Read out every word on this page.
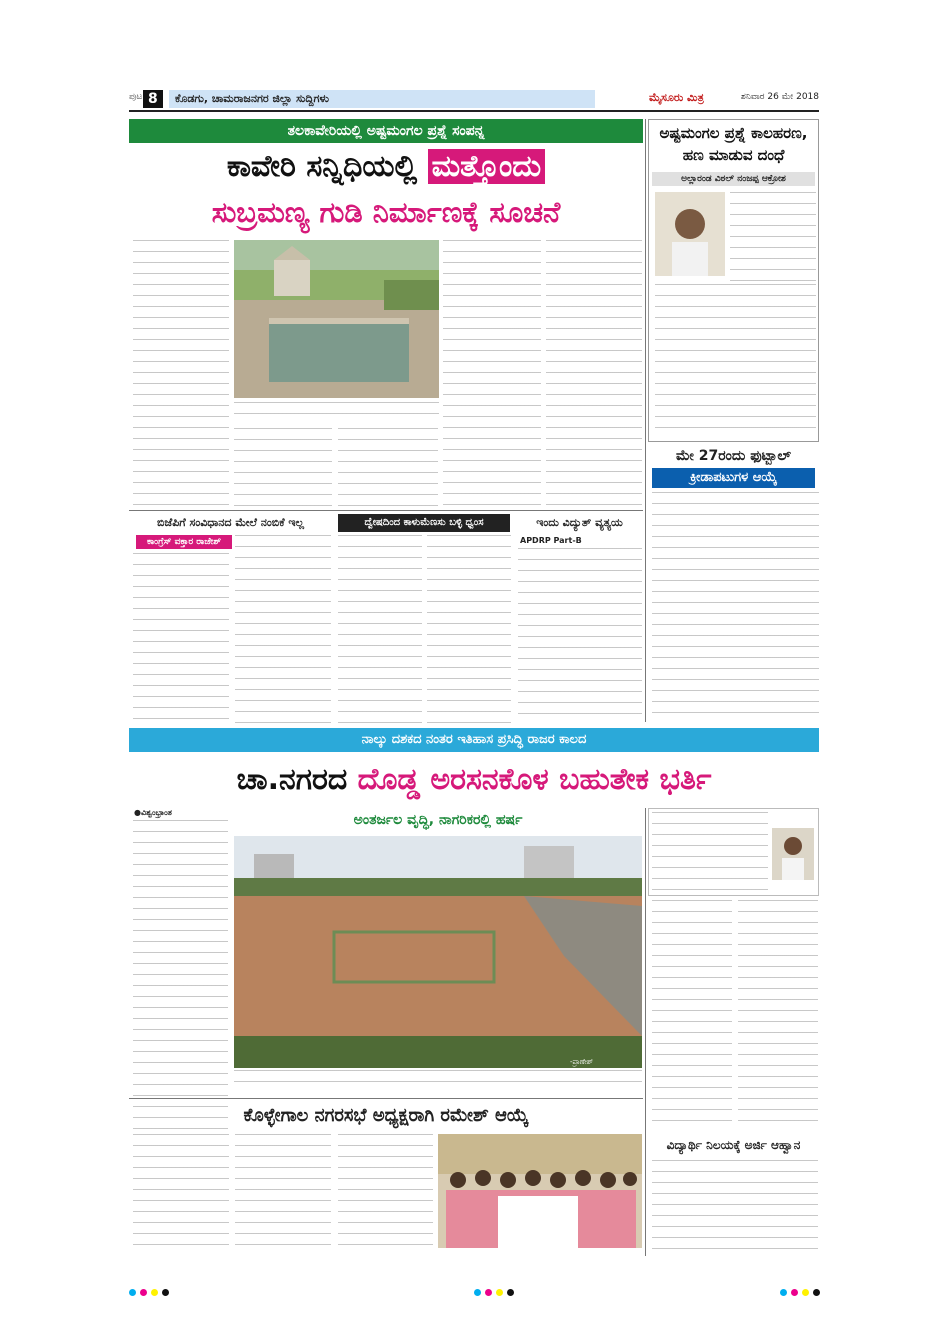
ಪುಟ 8	ಕೊಡಗು, ಚಾಮರಾಜನಗರ ಜಿಲ್ಲಾ ಸುದ್ದಿಗಳು	ಮೈಸೂರು ಮಿತ್ರ	ಶನಿವಾರ 26 ಮೇ 2018
ತಲಕಾವೇರಿಯಲ್ಲಿ ಅಷ್ಟಮಂಗಲ ಪ್ರಶ್ನೆ ಸಂಪನ್ನ
ಕಾವೇರಿ ಸನ್ನಿಧಿಯಲ್ಲಿ ಮತ್ತೊಂದು
ಸುಬ್ರಮಣ್ಯ ಗುಡಿ ನಿರ್ಮಾಣಕ್ಕೆ ಸೂಚನೆ
ಅಷ್ಟಮಂಗಲ ಪ್ರಶ್ನೆ ಕಾಲಹರಣ, ಹಣ ಮಾಡುವ ದಂಧೆ
ಅಲ್ಲಾರಂಡ ವಿಠಲ್ ನಂಜಪ್ಪ ಆಕ್ರೋಶ
ಮೇ 27ರಂದು ಫುಟ್ಬಾಲ್
ಕ್ರೀಡಾಪಟುಗಳ ಆಯ್ಕೆ
ಬಿಜೆಪಿಗೆ ಸಂವಿಧಾನದ ಮೇಲೆ ನಂಬಿಕೆ ಇಲ್ಲ
ಕಾಂಗ್ರೆಸ್ ವಕ್ತಾರ ರಾಜೇಶ್
ದ್ವೇಷದಿಂದ ಕಾಳುಮೆಣಸು ಬಳ್ಳಿ ಧ್ವಂಸ	ಇಂದು ವಿದ್ಯುತ್ ವ್ಯತ್ಯಯ
APDRP Part-B
ನಾಲ್ಕು ದಶಕದ ನಂತರ ಇತಿಹಾಸ ಪ್ರಸಿದ್ಧಿ ರಾಜರ ಕಾಲದ
ಚಾ.ನಗರದ ದೊಡ್ಡ ಅರಸನಕೊಳ ಬಹುತೇಕ ಭರ್ತಿ
●ವಿಶ್ವಂಭ್ರಾಂತ	ಅಂತರ್ಜಲ ವೃದ್ಧಿ, ನಾಗರಿಕರಲ್ಲಿ ಹರ್ಷ
-ಪ್ರಾಣೇಶ್
ಕೊಳ್ಳೇಗಾಲ ನಗರಸಭೆ ಅಧ್ಯಕ್ಷರಾಗಿ ರಮೇಶ್ ಆಯ್ಕೆ
ವಿದ್ಯಾರ್ಥಿ ನಿಲಯಕ್ಕೆ ಅರ್ಜಿ ಆಹ್ವಾನ
